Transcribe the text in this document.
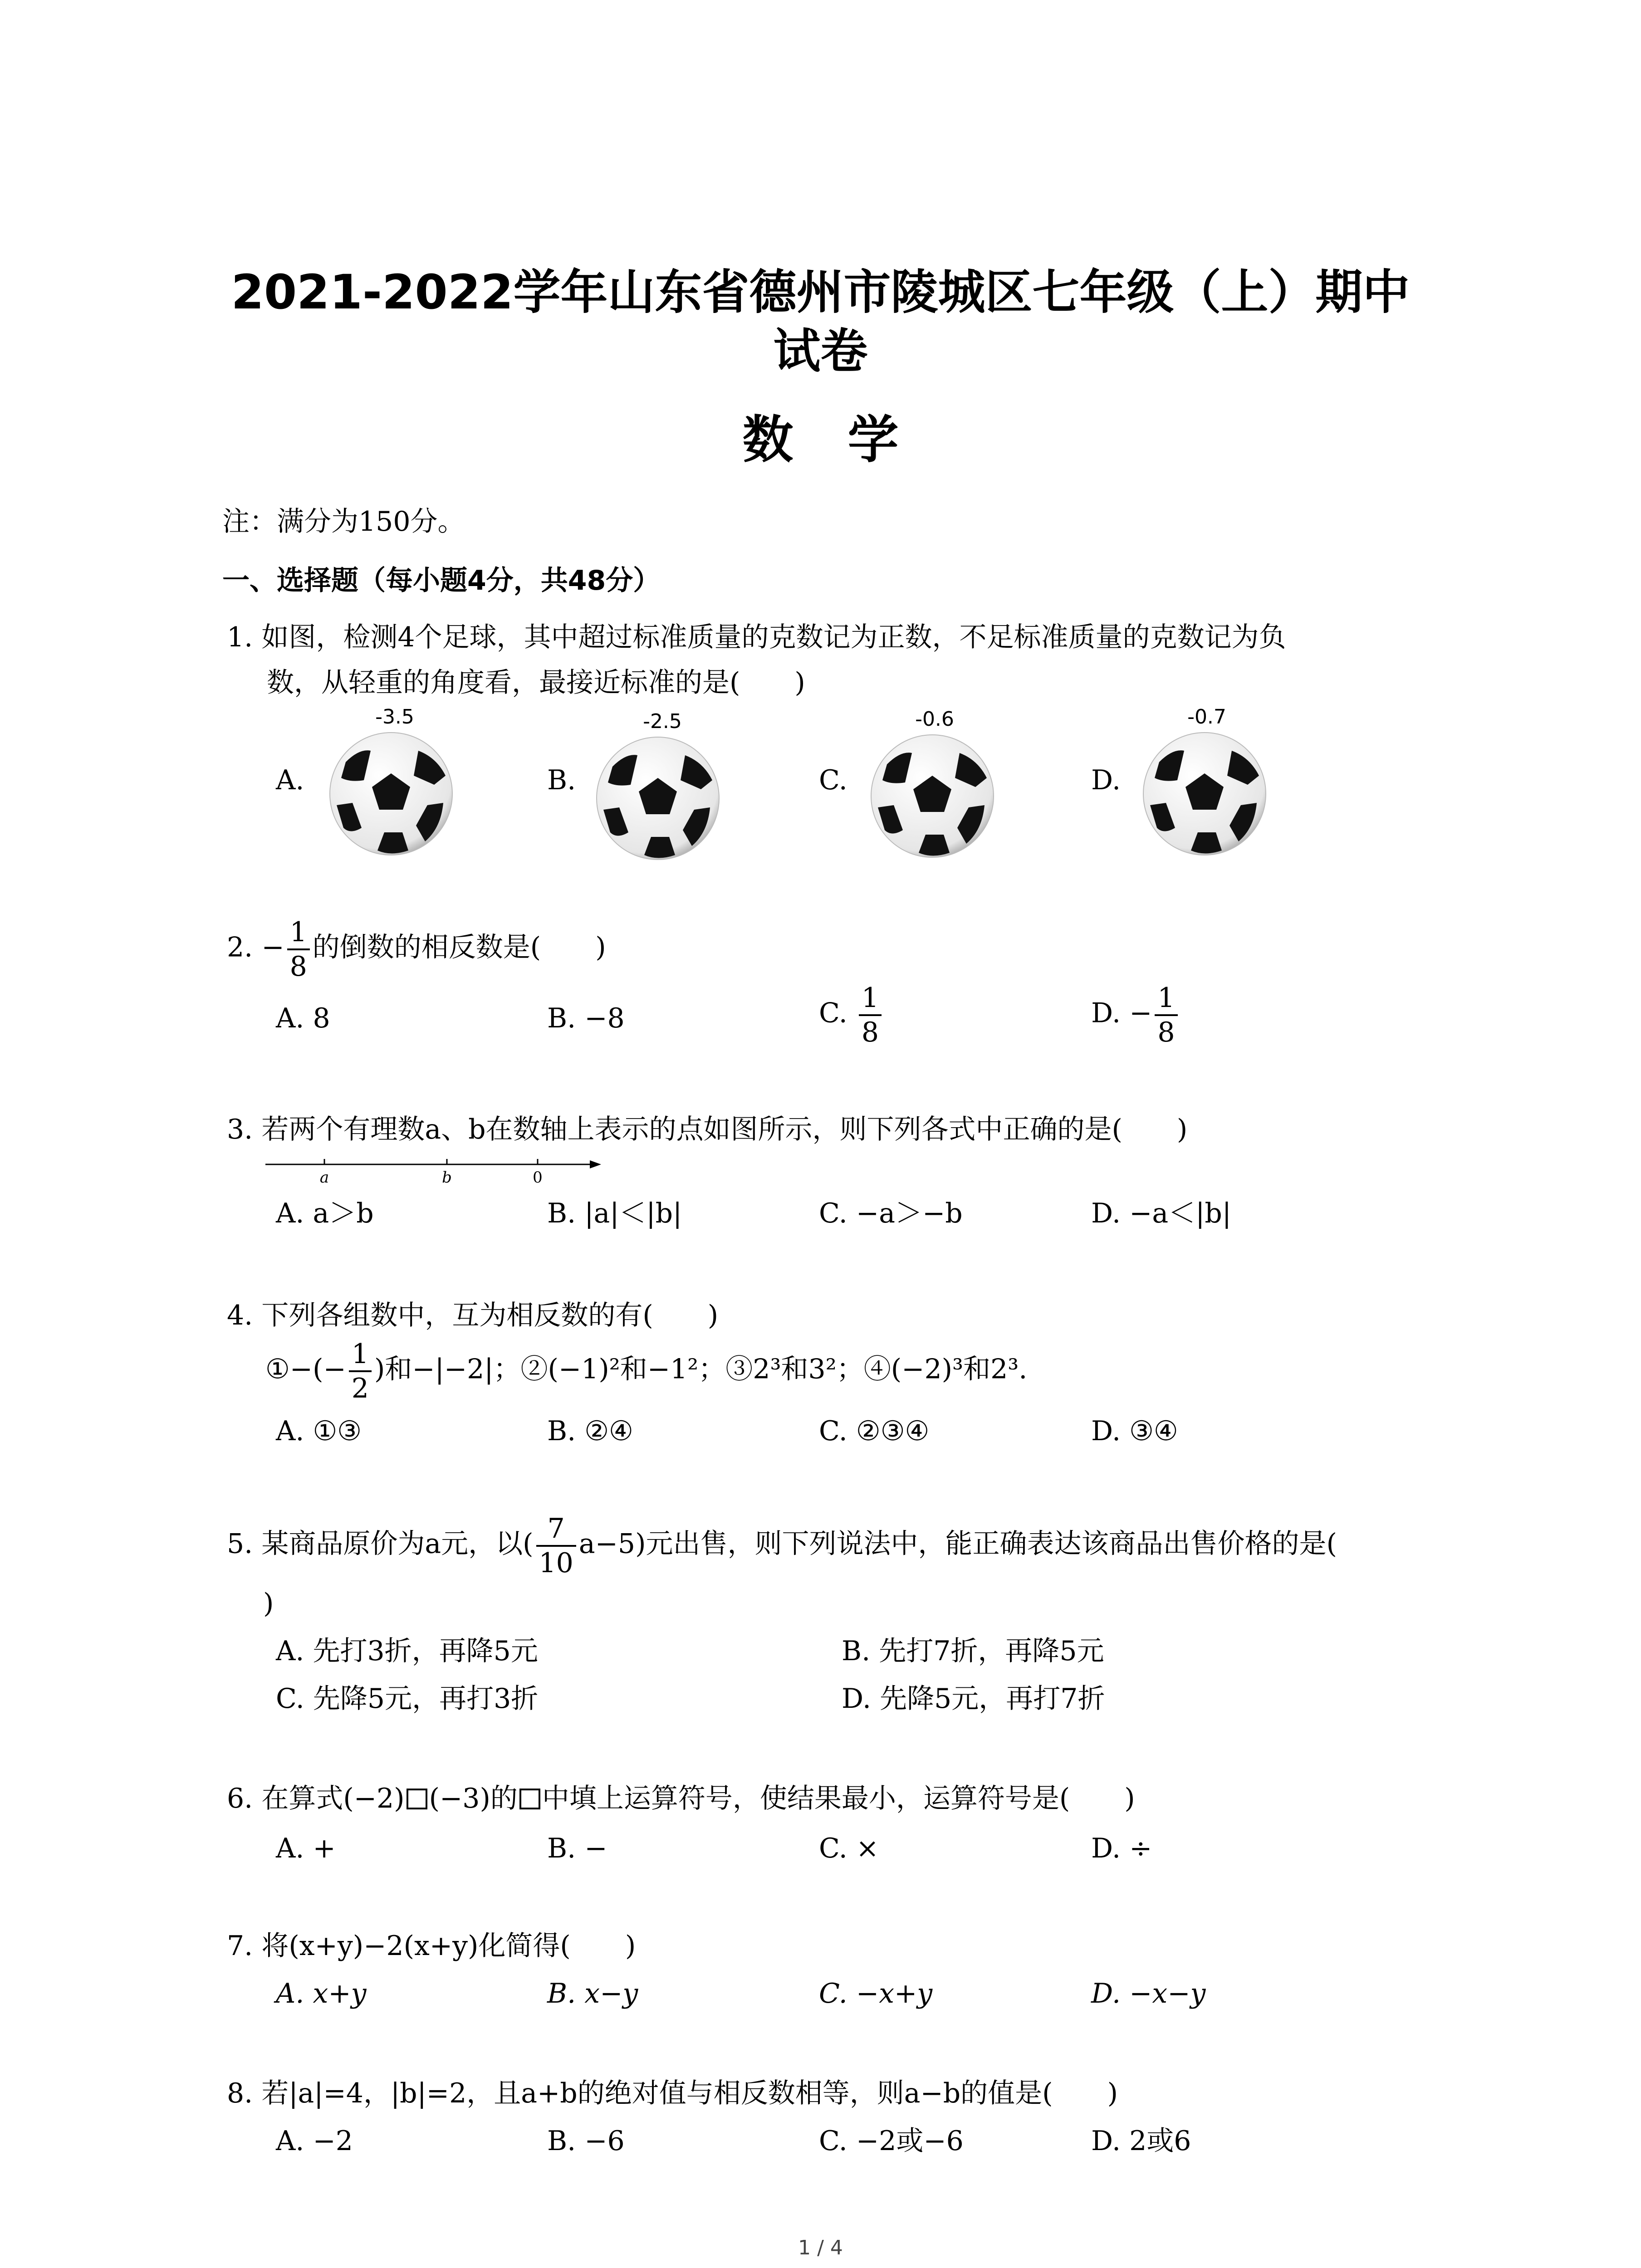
2021-2022学年山东省德州市陵城区七年级（上）期中
试卷
数学
注：满分为150分。
一、选择题（每小题4分，共48分）
1. 如图，检测4个足球，其中超过标准质量的克数记为正数，不足标准质量的克数记为负
数，从轻重的角度看，最接近标准的是(　　)
A.
-3.5
B.
-2.5
C.
-0.6
D.
-0.7
2. − $\frac{1}{8}$ 的倒数的相反数是(　　)
A. 8	B. −8	C. $\frac{1}{8}$	D. − $\frac{1}{8}$
3. 若两个有理数a、b在数轴上表示的点如图所示，则下列各式中正确的是(　　)
a	b	0
A. a＞b	B. |a|＜|b|	C. −a＞−b	D. −a＜|b|
4. 下列各组数中，互为相反数的有(　　)
①−(− $\frac{1}{2}$ )和−|−2|；②(−1)²和−1²；③2³和3²；④(−2)³和2³.
A. ①③	B. ②④	C. ②③④	D. ③④
5. 某商品原价为a元，以( $\frac{7}{10} a-5$)元出售，则下列说法中，能正确表达该商品出售价格的是(
)
A. 先打3折，再降5元	B. 先打7折，再降5元
C. 先降5元，再打3折	D. 先降5元，再打7折
6. 在算式(−2) (−3)的 中填上运算符号，使结果最小，运算符号是(　　)
A. +	B. −	C. ×	D. ÷
7. 将(x+y)−2(x+y)化简得(　　)
A. x+y	B. x−y	C. −x+y	D. −x−y
8. 若|a|=4，|b|=2，且a+b的绝对值与相反数相等，则a−b的值是(　　)
A. −2	B. −6	C. −2或−6	D. 2或6
1 / 4
